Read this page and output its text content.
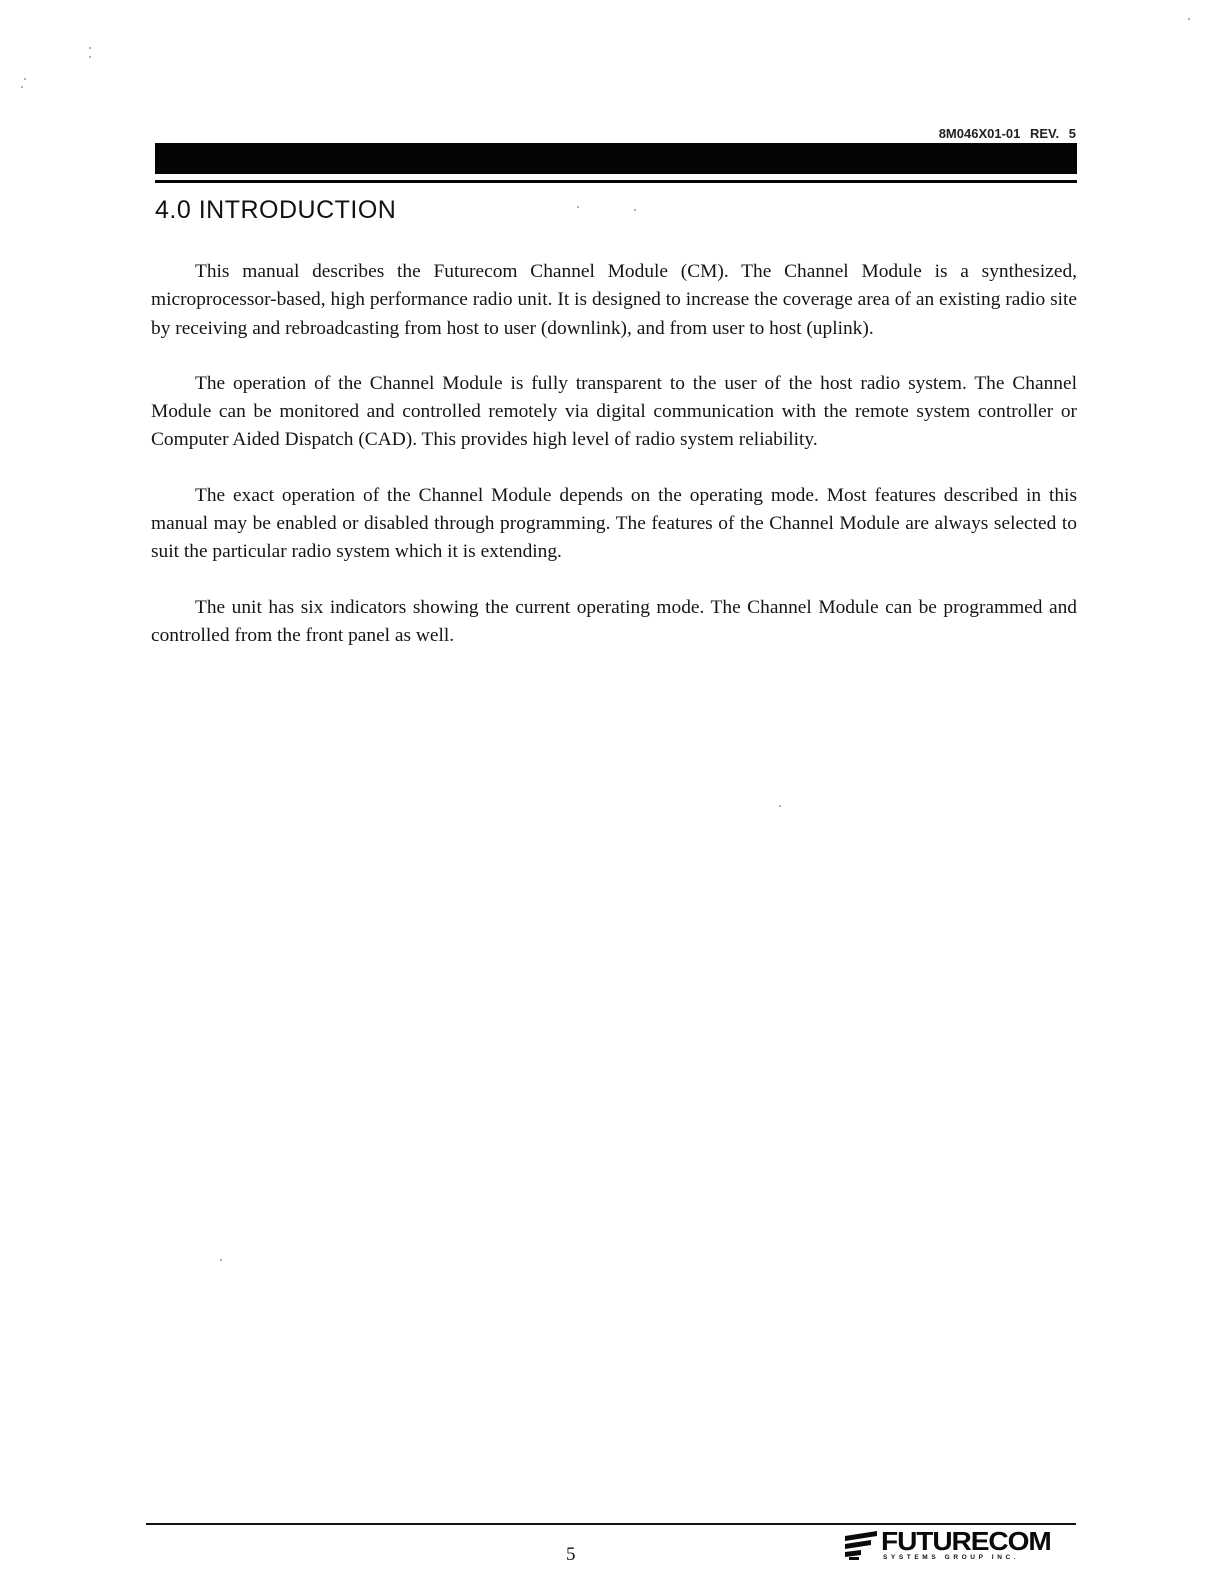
8M046X01-01 REV. 5
4.0 INTRODUCTION

This manual describes the Futurecom Channel Module (CM). The Channel Module is a synthesized, microprocessor-based, high performance radio unit. It is designed to increase the coverage area of an existing radio site by receiving and rebroadcasting from host to user (downlink), and from user to host (uplink).

The operation of the Channel Module is fully transparent to the user of the host radio system. The Channel Module can be monitored and controlled remotely via digital communication with the remote system controller or Computer Aided Dispatch (CAD). This provides high level of radio system reliability.

The exact operation of the Channel Module depends on the operating mode. Most features described in this manual may be enabled or disabled through programming. The features of the Channel Module are always selected to suit the particular radio system which it is extending.

The unit has six indicators showing the current operating mode. The Channel Module can be programmed and controlled from the front panel as well.

5	FUTURECOM
SYSTEMS GROUP INC.
